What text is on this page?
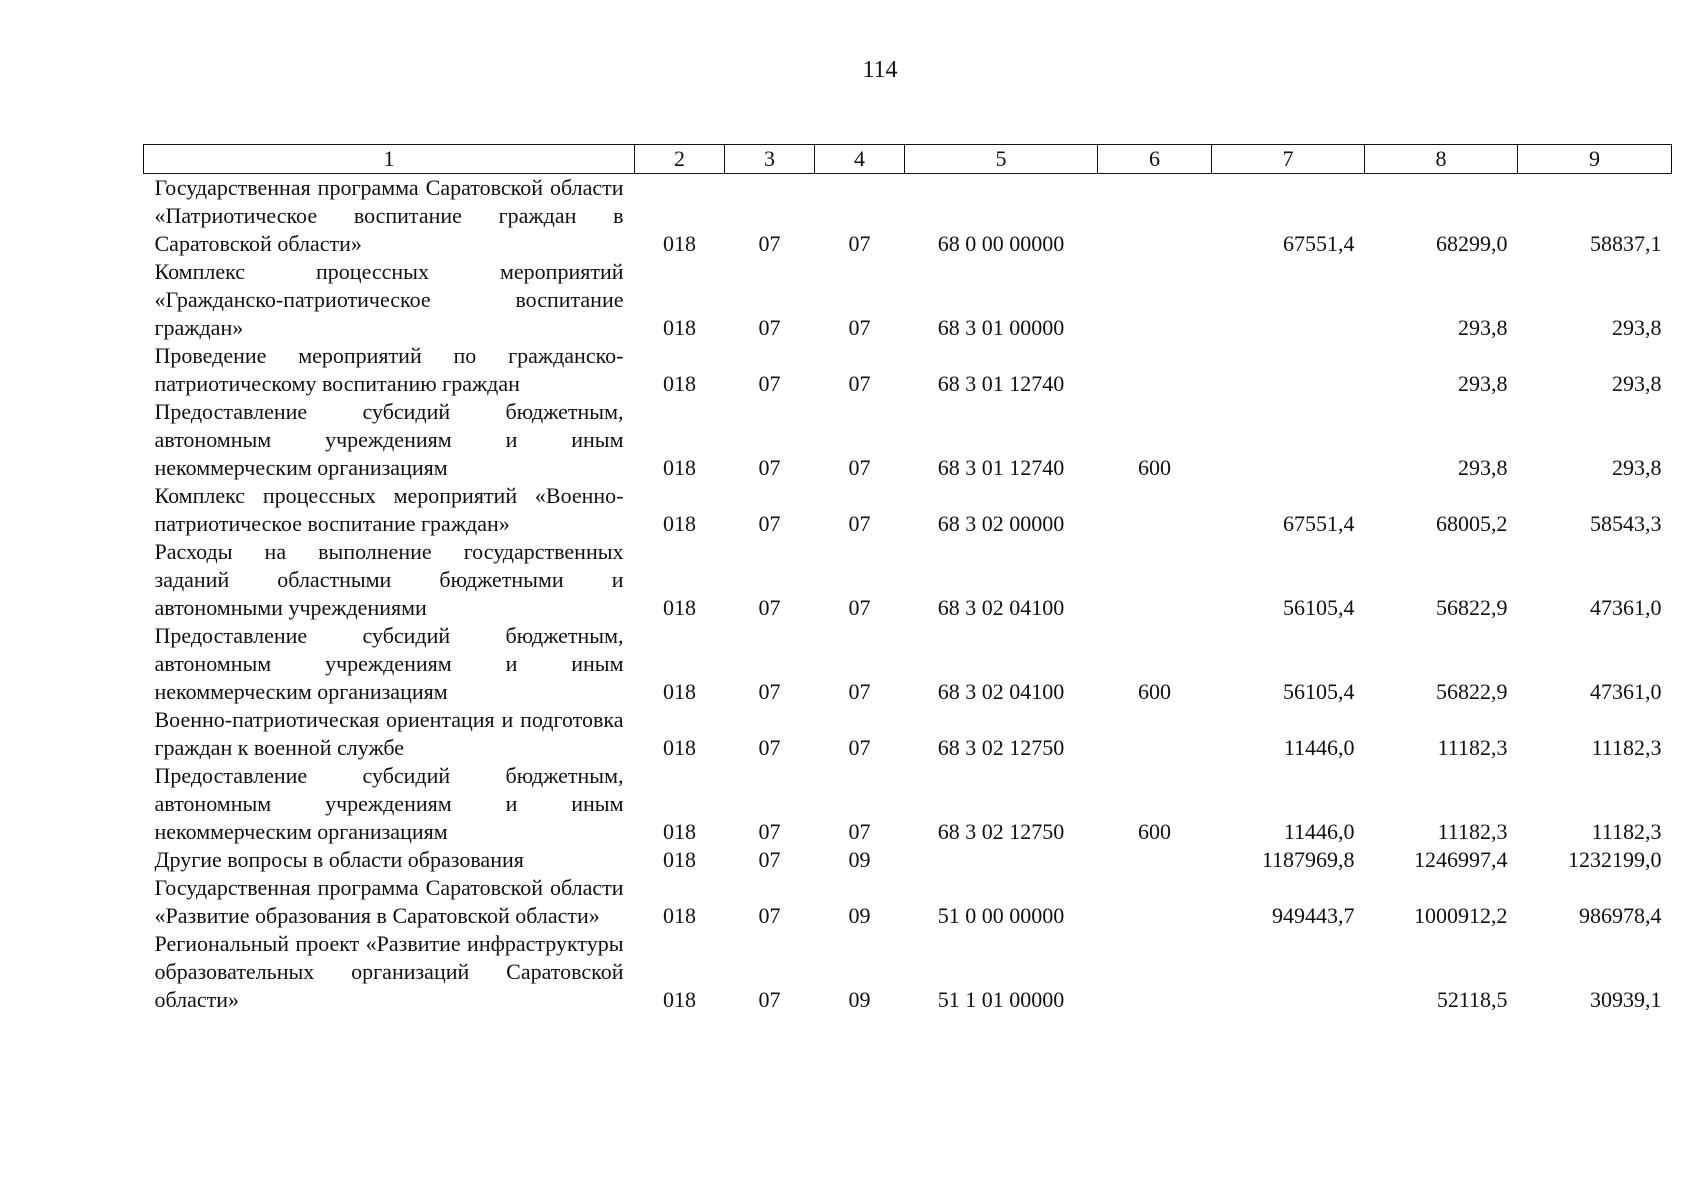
114
1	2	3	4	5	6	7	8	9
Государственная программа Саратовской области «Патриотическое воспитание граждан в Саратовской области»	018	07	07	68 0 00 00000		67551,4	68299,0	58837,1
Комплекс процессных мероприятий «Гражданско-патриотическое воспитание граждан»	018	07	07	68 3 01 00000			293,8	293,8
Проведение мероприятий по гражданско-патриотическому воспитанию граждан	018	07	07	68 3 01 12740			293,8	293,8
Предоставление субсидий бюджетным, автономным учреждениям и иным некоммерческим организациям	018	07	07	68 3 01 12740	600		293,8	293,8
Комплекс процессных мероприятий «Военно-патриотическое воспитание граждан»	018	07	07	68 3 02 00000		67551,4	68005,2	58543,3
Расходы на выполнение государственных заданий областными бюджетными и автономными учреждениями	018	07	07	68 3 02 04100		56105,4	56822,9	47361,0
Предоставление субсидий бюджетным, автономным учреждениям и иным некоммерческим организациям	018	07	07	68 3 02 04100	600	56105,4	56822,9	47361,0
Военно-патриотическая ориентация и подготовка граждан к военной службе	018	07	07	68 3 02 12750		11446,0	11182,3	11182,3
Предоставление субсидий бюджетным, автономным учреждениям и иным некоммерческим организациям	018	07	07	68 3 02 12750	600	11446,0	11182,3	11182,3
Другие вопросы в области образования	018	07	09			1187969,8	1246997,4	1232199,0
Государственная программа Саратовской области «Развитие образования в Саратовской области»	018	07	09	51 0 00 00000		949443,7	1000912,2	986978,4
Региональный проект «Развитие инфраструктуры образовательных организаций Саратовской области»	018	07	09	51 1 01 00000			52118,5	30939,1
